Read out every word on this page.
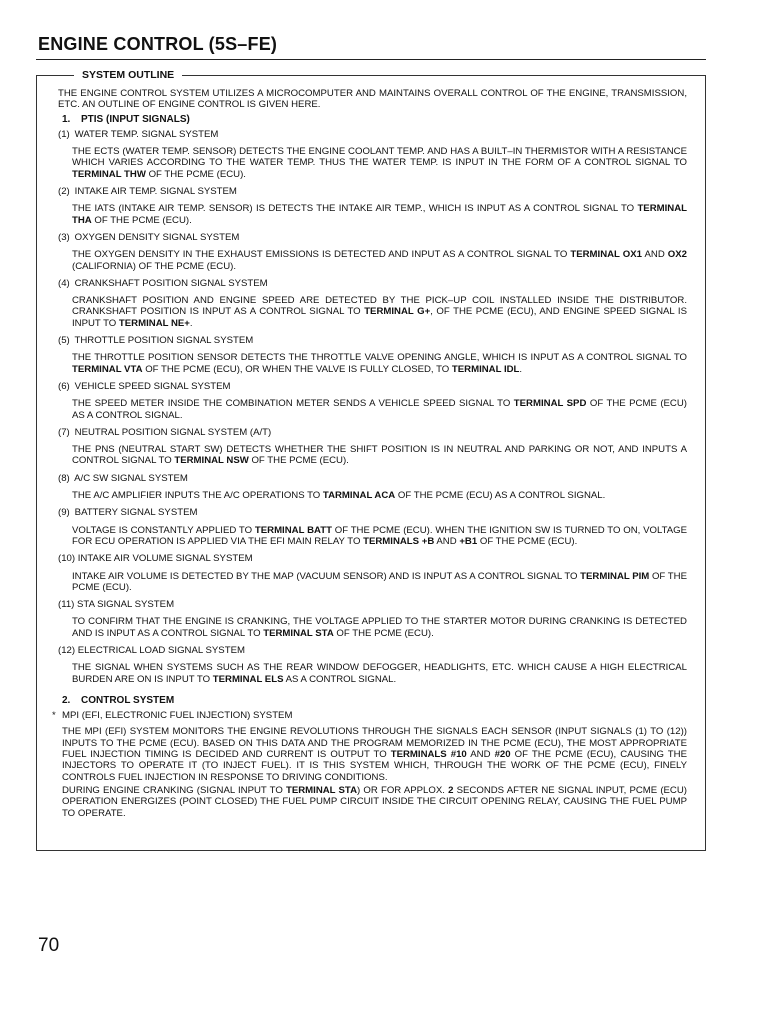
ENGINE CONTROL (5S–FE)
SYSTEM OUTLINE

THE ENGINE CONTROL SYSTEM UTILIZES A MICROCOMPUTER AND MAINTAINS OVERALL CONTROL OF THE ENGINE, TRANSMISSION, ETC. AN OUTLINE OF ENGINE CONTROL IS GIVEN HERE.

1. PTIS (INPUT SIGNALS)
(1) WATER TEMP. SIGNAL SYSTEM
THE ECTS (WATER TEMP. SENSOR) DETECTS THE ENGINE COOLANT TEMP. AND HAS A BUILT–IN THERMISTOR WITH A RESISTANCE WHICH VARIES ACCORDING TO THE WATER TEMP. THUS THE WATER TEMP. IS INPUT IN THE FORM OF A CONTROL SIGNAL TO TERMINAL THW OF THE PCME (ECU).
(2) INTAKE AIR TEMP. SIGNAL SYSTEM
THE IATS (INTAKE AIR TEMP. SENSOR) IS DETECTS THE INTAKE AIR TEMP., WHICH IS INPUT AS A CONTROL SIGNAL TO TERMINAL THA OF THE PCME (ECU).
(3) OXYGEN DENSITY SIGNAL SYSTEM
THE OXYGEN DENSITY IN THE EXHAUST EMISSIONS IS DETECTED AND INPUT AS A CONTROL SIGNAL TO TERMINAL OX1 AND OX2 (CALIFORNIA) OF THE PCME (ECU).
(4) CRANKSHAFT POSITION SIGNAL SYSTEM
CRANKSHAFT POSITION AND ENGINE SPEED ARE DETECTED BY THE PICK–UP COIL INSTALLED INSIDE THE DISTRIBUTOR. CRANKSHAFT POSITION IS INPUT AS A CONTROL SIGNAL TO TERMINAL G+, OF THE PCME (ECU), AND ENGINE SPEED SIGNAL IS INPUT TO TERMINAL NE+.
(5) THROTTLE POSITION SIGNAL SYSTEM
THE THROTTLE POSITION SENSOR DETECTS THE THROTTLE VALVE OPENING ANGLE, WHICH IS INPUT AS A CONTROL SIGNAL TO TERMINAL VTA OF THE PCME (ECU), OR WHEN THE VALVE IS FULLY CLOSED, TO TERMINAL IDL.
(6) VEHICLE SPEED SIGNAL SYSTEM
THE SPEED METER INSIDE THE COMBINATION METER SENDS A VEHICLE SPEED SIGNAL TO TERMINAL SPD OF THE PCME (ECU) AS A CONTROL SIGNAL.
(7) NEUTRAL POSITION SIGNAL SYSTEM (A/T)
THE PNS (NEUTRAL START SW) DETECTS WHETHER THE SHIFT POSITION IS IN NEUTRAL AND PARKING OR NOT, AND INPUTS A CONTROL SIGNAL TO TERMINAL NSW OF THE PCME (ECU).
(8) A/C SW SIGNAL SYSTEM
THE A/C AMPLIFIER INPUTS THE A/C OPERATIONS TO TARMINAL ACA OF THE PCME (ECU) AS A CONTROL SIGNAL.
(9) BATTERY SIGNAL SYSTEM
VOLTAGE IS CONSTANTLY APPLIED TO TERMINAL BATT OF THE PCME (ECU). WHEN THE IGNITION SW IS TURNED TO ON, VOLTAGE FOR ECU OPERATION IS APPLIED VIA THE EFI MAIN RELAY TO TERMINALS +B AND +B1 OF THE PCME (ECU).
(10) INTAKE AIR VOLUME SIGNAL SYSTEM
INTAKE AIR VOLUME IS DETECTED BY THE MAP (VACUUM SENSOR) AND IS INPUT AS A CONTROL SIGNAL TO TERMINAL PIM OF THE PCME (ECU).
(11) STA SIGNAL SYSTEM
TO CONFIRM THAT THE ENGINE IS CRANKING, THE VOLTAGE APPLIED TO THE STARTER MOTOR DURING CRANKING IS DETECTED AND IS INPUT AS A CONTROL SIGNAL TO TERMINAL STA OF THE PCME (ECU).
(12) ELECTRICAL LOAD SIGNAL SYSTEM
THE SIGNAL WHEN SYSTEMS SUCH AS THE REAR WINDOW DEFOGGER, HEADLIGHTS, ETC. WHICH CAUSE A HIGH ELECTRICAL BURDEN ARE ON IS INPUT TO TERMINAL ELS AS A CONTROL SIGNAL.
2. CONTROL SYSTEM
* MPI (EFI, ELECTRONIC FUEL INJECTION) SYSTEM
THE MPI (EFI) SYSTEM MONITORS THE ENGINE REVOLUTIONS THROUGH THE SIGNALS EACH SENSOR (INPUT SIGNALS (1) TO (12)) INPUTS TO THE PCME (ECU). BASED ON THIS DATA AND THE PROGRAM MEMORIZED IN THE PCME (ECU), THE MOST APPROPRIATE FUEL INJECTION TIMING IS DECIDED AND CURRENT IS OUTPUT TO TERMINALS #10 AND #20 OF THE PCME (ECU), CAUSING THE INJECTORS TO OPERATE IT (TO INJECT FUEL). IT IS THIS SYSTEM WHICH, THROUGH THE WORK OF THE PCME (ECU), FINELY CONTROLS FUEL INJECTION IN RESPONSE TO DRIVING CONDITIONS.
DURING ENGINE CRANKING (SIGNAL INPUT TO TERMINAL STA) OR FOR APPLOX. 2 SECONDS AFTER NE SIGNAL INPUT, PCME (ECU) OPERATION ENERGIZES (POINT CLOSED) THE FUEL PUMP CIRCUIT INSIDE THE CIRCUIT OPENING RELAY, CAUSING THE FUEL PUMP TO OPERATE.
70
